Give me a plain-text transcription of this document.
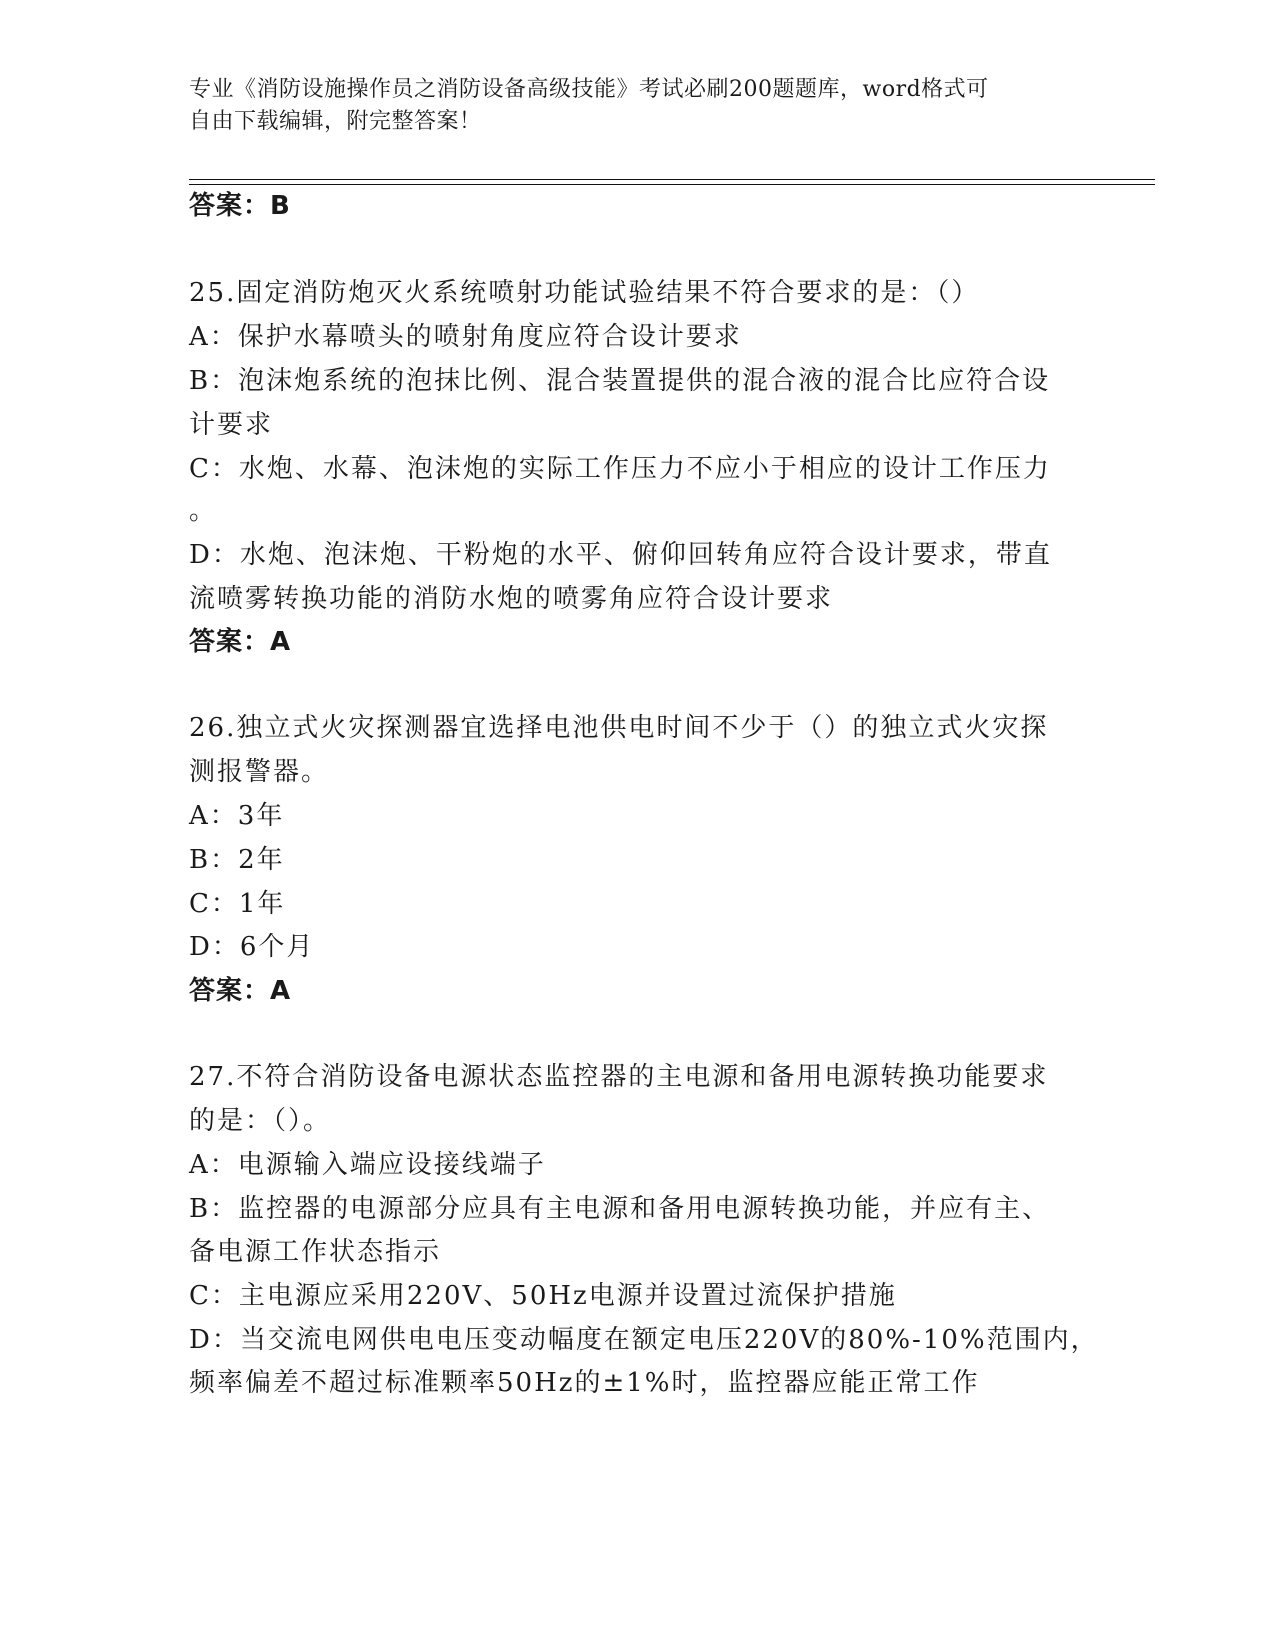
专业《消防设施操作员之消防设备高级技能》考试必刷200题题库，word格式可
自由下载编辑，附完整答案！
答案：B
25.固定消防炮灭火系统喷射功能试验结果不符合要求的是：（）
A：保护水幕喷头的喷射角度应符合设计要求
B：泡沫炮系统的泡抹比例、混合装置提供的混合液的混合比应符合设
计要求
C：水炮、水幕、泡沫炮的实际工作压力不应小于相应的设计工作压力
。
D：水炮、泡沫炮、干粉炮的水平、俯仰回转角应符合设计要求，带直
流喷雾转换功能的消防水炮的喷雾角应符合设计要求
答案：A
26.独立式火灾探测器宜选择电池供电时间不少于（）的独立式火灾探
测报警器。
A：3年
B：2年
C：1年
D：6个月
答案：A
27.不符合消防设备电源状态监控器的主电源和备用电源转换功能要求
的是：（）。
A：电源输入端应设接线端子
B：监控器的电源部分应具有主电源和备用电源转换功能，并应有主、
备电源工作状态指示
C：主电源应采用220V、50Hz电源并设置过流保护措施
D：当交流电网供电电压变动幅度在额定电压220V的80%-10%范围内，
频率偏差不超过标准颗率50Hz的±1%时，监控器应能正常工作
